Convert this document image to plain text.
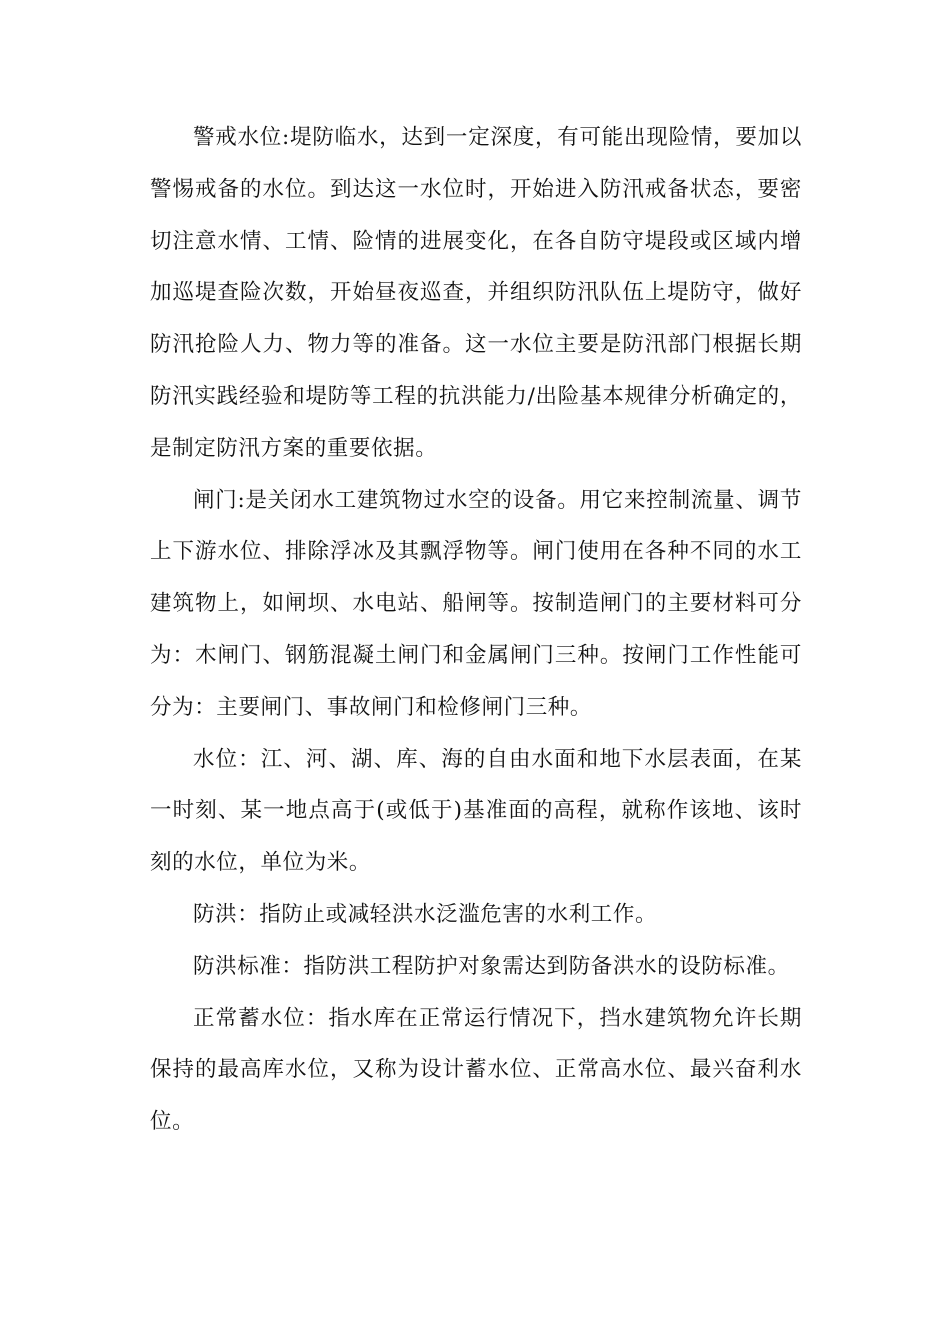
警戒水位:堤防临水，达到一定深度，有可能出现险情，要加以警惕戒备的水位。到达这一水位时，开始进入防汛戒备状态，要密切注意水情、工情、险情的进展变化，在各自防守堤段或区域内增加巡堤查险次数，开始昼夜巡查，并组织防汛队伍上堤防守，做好防汛抢险人力、物力等的准备。这一水位主要是防汛部门根据长期防汛实践经验和堤防等工程的抗洪能力/出险基本规律分析确定的，是制定防汛方案的重要依据。

闸门:是关闭水工建筑物过水空的设备。用它来控制流量、调节上下游水位、排除浮冰及其飘浮物等。闸门使用在各种不同的水工建筑物上，如闸坝、水电站、船闸等。按制造闸门的主要材料可分为：木闸门、钢筋混凝土闸门和金属闸门三种。按闸门工作性能可分为：主要闸门、事故闸门和检修闸门三种。

水位：江、河、湖、库、海的自由水面和地下水层表面，在某一时刻、某一地点高于(或低于)基准面的高程，就称作该地、该时刻的水位，单位为米。

防洪：指防止或减轻洪水泛滥危害的水利工作。

防洪标准：指防洪工程防护对象需达到防备洪水的设防标准。

正常蓄水位：指水库在正常运行情况下，挡水建筑物允许长期保持的最高库水位，又称为设计蓄水位、正常高水位、最兴奋利水位。
